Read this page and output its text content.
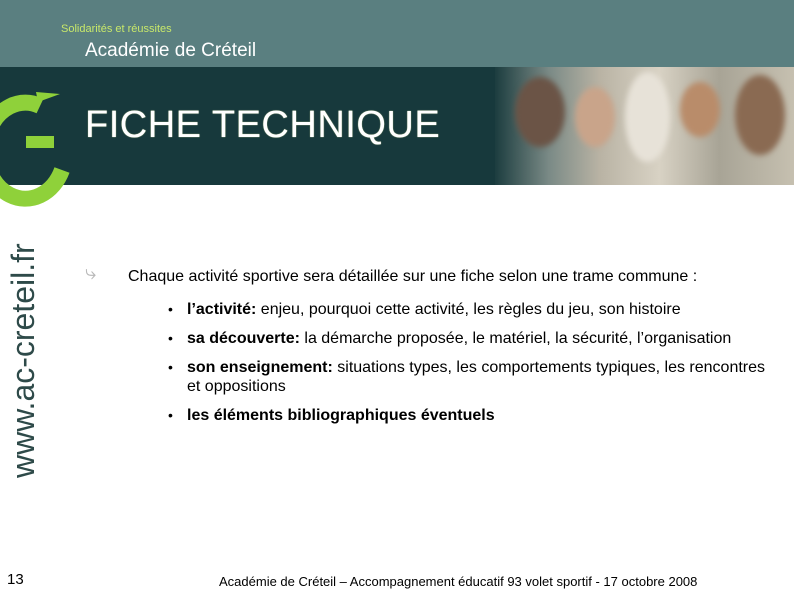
Solidarités et réussites
Académie de Créteil
FICHE TECHNIQUE
www.ac-creteil.fr ⤷ Chaque activité sportive sera détaillée sur une fiche selon une trame commune :
• l’activité: enjeu, pourquoi cette activité, les règles du jeu, son histoire
• sa découverte: la démarche proposée, le matériel, la sécurité, l’organisation
• son enseignement: situations types, les comportements typiques, les rencontres et oppositions
• les éléments bibliographiques éventuels
13	Académie de Créteil – Accompagnement éducatif 93 volet sportif - 17 octobre 2008
